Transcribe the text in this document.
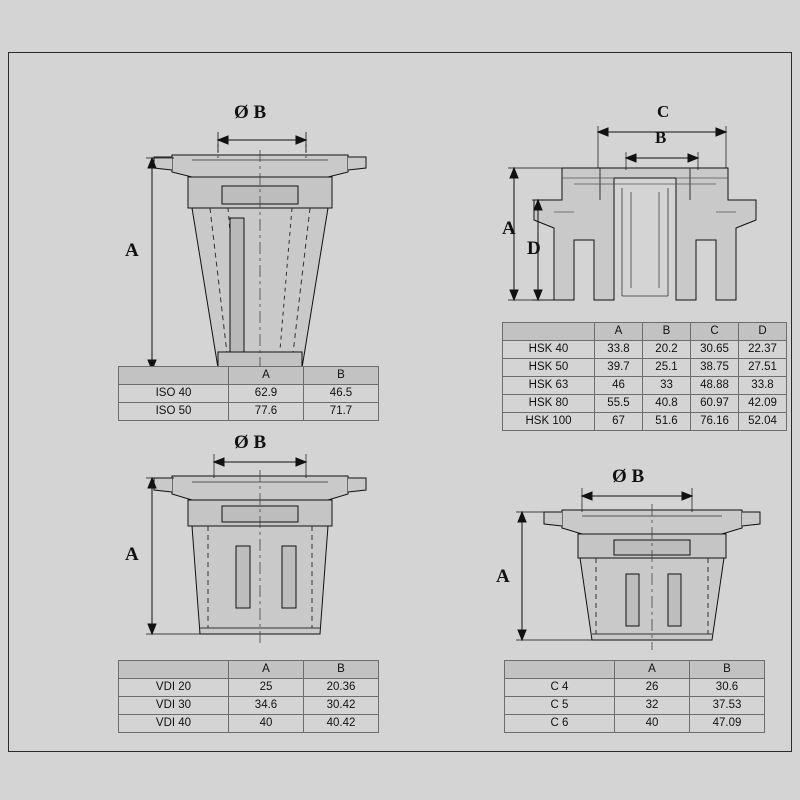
Ø B
A
	A	B
ISO 40	62.9	46.5
ISO 50	77.6	71.7
C
B
A
D
	A	B	C	D
HSK 40	33.8	20.2	30.65	22.37
HSK 50	39.7	25.1	38.75	27.51
HSK 63	46	33	48.88	33.8
HSK 80	55.5	40.8	60.97	42.09
HSK 100	67	51.6	76.16	52.04
Ø B
A
	A	B
VDI 20	25	20.36
VDI 30	34.6	30.42
VDI 40	40	40.42
Ø B
A
	A	B
C 4	26	30.6
C 5	32	37.53
C 6	40	47.09
